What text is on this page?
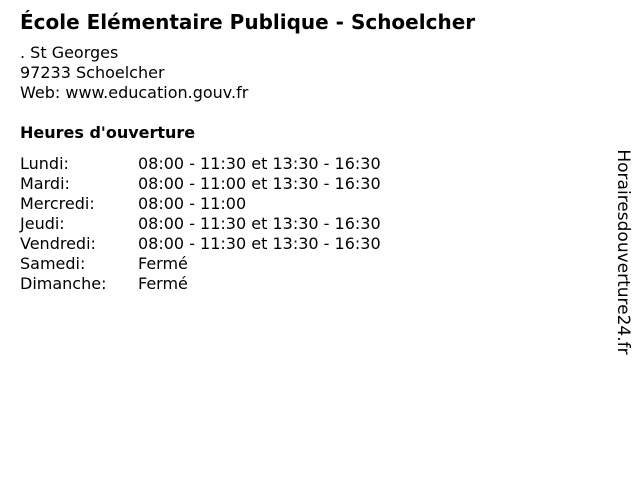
École Elémentaire Publique - Schoelcher
. St Georges
97233 Schoelcher
Web: www.education.gouv.fr
Heures d'ouverture
Lundi:	08:00 - 11:30 et 13:30 - 16:30
Mardi:	08:00 - 11:00 et 13:30 - 16:30
Mercredi:	08:00 - 11:00
Jeudi:	08:00 - 11:30 et 13:30 - 16:30
Vendredi:	08:00 - 11:30 et 13:30 - 16:30
Samedi:	Fermé
Dimanche: Fermé	Horairesdouverture24.fr
